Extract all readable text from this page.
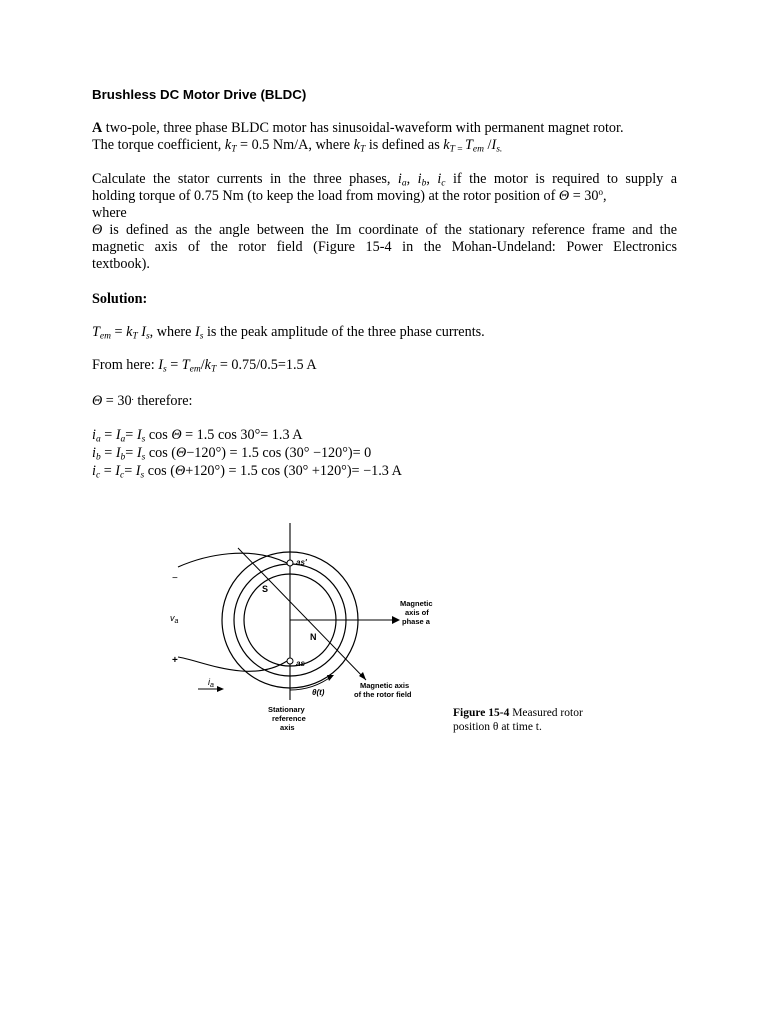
Brushless DC Motor Drive (BLDC)
A two-pole, three phase BLDC motor has sinusoidal-waveform with permanent magnet rotor.
The torque coefficient, $k_T = 0.5$ Nm/A, where $k_T$ is defined as $k_{T =}$ $T_{em}$ $/I_{s.}$
Calculate the stator currents in the three phases, $i_a$, $i_b$, $i_c$ if the motor is required to supply a
holding torque of 0.75 Nm (to keep the load from moving) at the rotor position of $\Theta = 30^o$,
where
Θ is defined as the angle between the Im coordinate of the stationary reference frame and the
magnetic axis of the rotor field (Figure 15-4 in the Mohan-Undeland: Power Electronics
textbook).
Solution:
$T_{em} = k_T$ $I_s$, where $I_s$ is the peak amplitude of the three phase currents.
From here: $I_s = T_{em}/k_T = 0.75/0.5=1.5$ A
Θ = 30. therefore:
$i_a = I_a= I_s$ cos Θ = 1.5 cos 30°= 1.3 A
$i_b = I_b= I_s$ cos (Θ−120°) = 1.5 cos (30° −120°)= 0
$i_c = I_c= I_s$ cos (Θ+120°) = 1.5 cos (30° +120°)= −1.3 A
as'
S
N
as
−
+
$v_a$
$i_a$
θ(t)
Magnetic
axis of
phase a
Magnetic axis
of the rotor field
Stationary
reference
axis
Figure 15-4 Measured rotor
position θ at time t.
